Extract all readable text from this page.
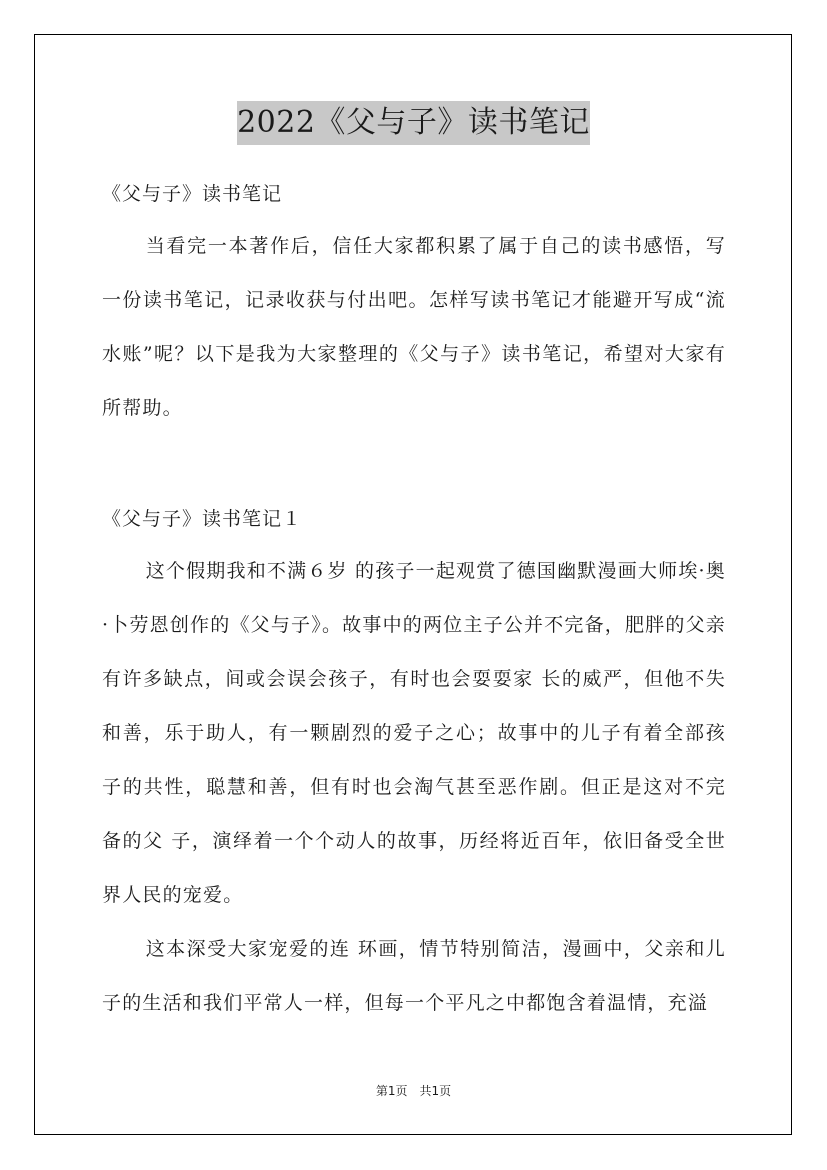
2022《父与子》读书笔记
《父与子》读书笔记

当看完一本著作后，信任大家都积累了属于自己的读书感悟，写一份读书笔记，记录收获与付出吧。怎样写读书笔记才能避开写成“流水账”呢？以下是我为大家整理的《父与子》读书笔记，希望对大家有所帮助。

《父与子》读书笔记１

这个假期我和不满６岁 的孩子一起观赏了德国幽默漫画大师埃·奥·卜劳恩创作的《父与子》。故事中的两位主子公并不完备，肥胖的父亲有许多缺点，间或会误会孩子，有时也会耍耍家 长的威严，但他不失和善，乐于助人，有一颗剧烈的爱子之心；故事中的儿子有着全部孩子的共性，聪慧和善，但有时也会淘气甚至恶作剧。但正是这对不完备的父 子，演绎着一个个动人的故事，历经将近百年，依旧备受全世界人民的宠爱。

这本深受大家宠爱的连 环画，情节特别简洁，漫画中，父亲和儿子的生活和我们平常人一样，但每一个平凡之中都饱含着温情，充溢

第1页　共1页
